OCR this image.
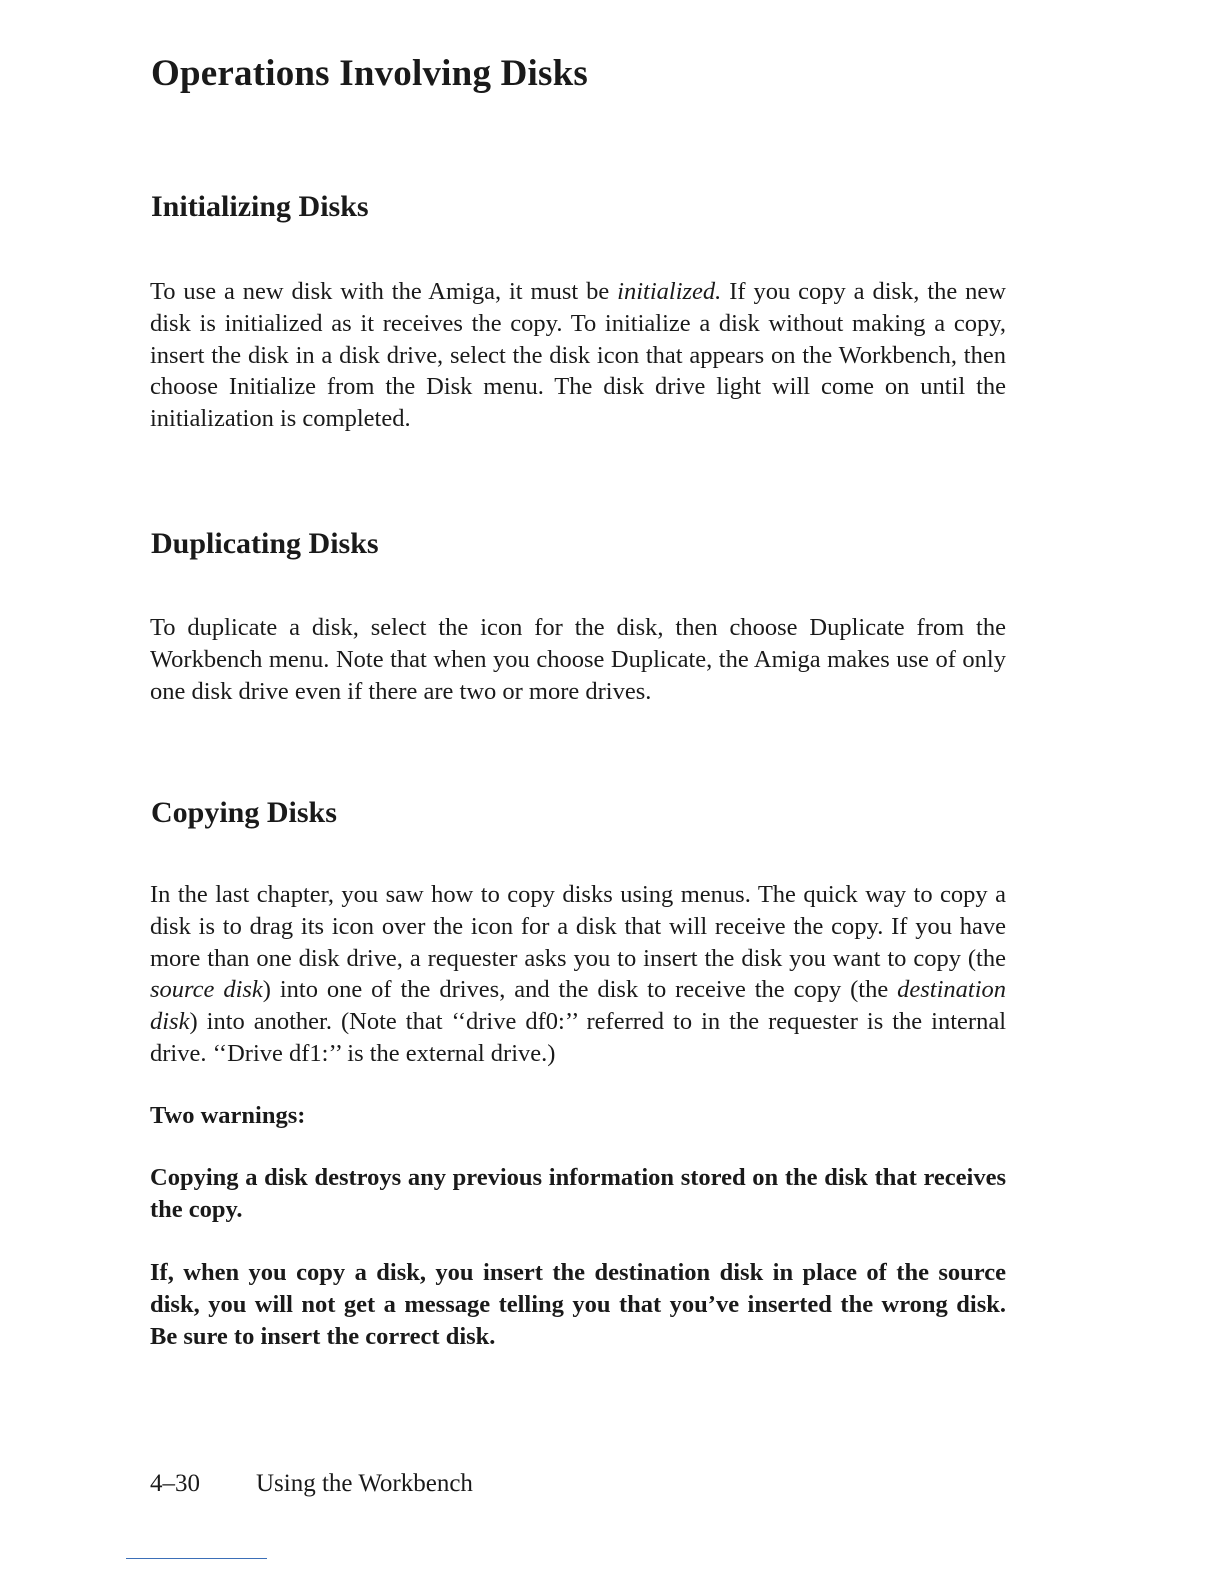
Operations Involving Disks
Initializing Disks

To use a new disk with the Amiga, it must be initialized. If you copy a disk, the new disk is initialized as it receives the copy. To initialize a disk without making a copy, insert the disk in a disk drive, select the disk icon that appears on the Workbench, then choose Initialize from the Disk menu. The disk drive light will come on until the initialization is completed.

Duplicating Disks

To duplicate a disk, select the icon for the disk, then choose Duplicate from the Workbench menu. Note that when you choose Duplicate, the Amiga makes use of only one disk drive even if there are two or more drives.

Copying Disks

In the last chapter, you saw how to copy disks using menus. The quick way to copy a disk is to drag its icon over the icon for a disk that will receive the copy. If you have more than one disk drive, a requester asks you to insert the disk you want to copy (the source disk) into one of the drives, and the disk to receive the copy (the destination disk) into another. (Note that ‘‘drive df0:’’ referred to in the requester is the internal drive. ‘‘Drive df1:’’ is the external drive.)

Two warnings:

Copying a disk destroys any previous information stored on the disk that receives the copy.

If, when you copy a disk, you insert the destination disk in place of the source disk, you will not get a message telling you that you’ve inserted the wrong disk. Be sure to insert the correct disk.

4–30 Using the Workbench
